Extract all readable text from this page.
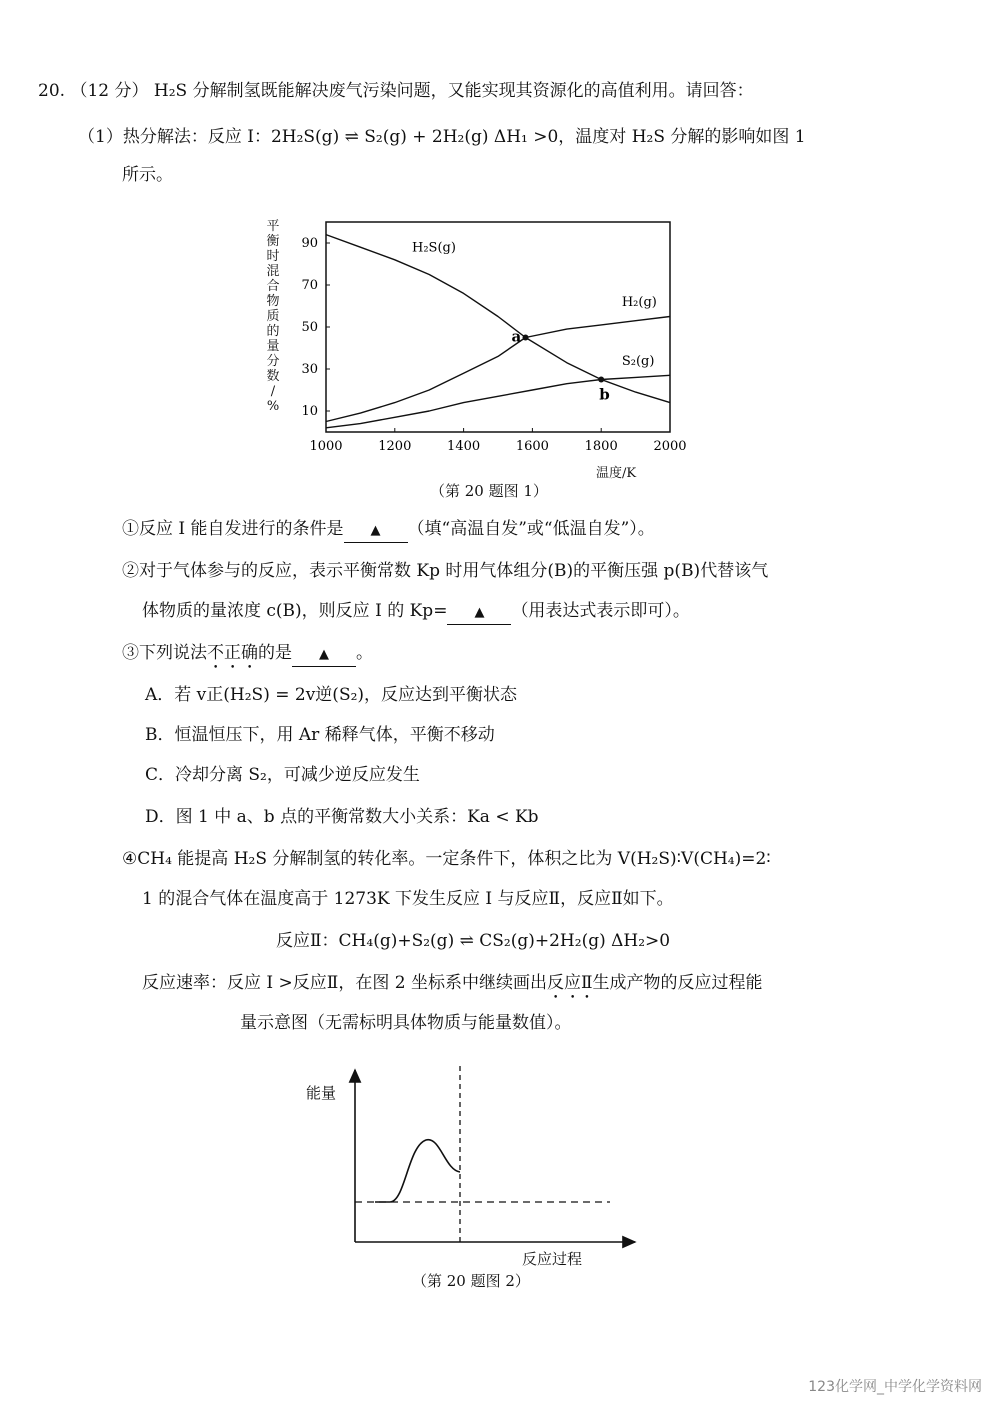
20. （12 分） H₂S 分解制氢既能解决废气污染问题，又能实现其资源化的高值利用。请回答：
（1）热分解法：反应 I：2H₂S(g) ⇌ S₂(g) + 2H₂(g) ΔH₁ >0，温度对 H₂S 分解的影响如图 1
所示。
平
衡
时
混
合
物
质
的
量
分
数
/
%
1000	1200	1400	1600	1800	2000
10
30
50
70
90	H₂S(g)
H₂(g)
S₂(g)
a
b
温度/K
（第 20 题图 1）
①反应 I 能自发进行的条件是 ▲ （填“高温自发”或“低温自发”）。
②对于气体参与的反应，表示平衡常数 Kp 时用气体组分(B)的平衡压强 p(B)代替该气
体物质的量浓度 c(B)，则反应 I 的 Kp= ▲ （用表达式表示即可）。
③下列说法不正确的是 ▲ 。
A．若 v正(H₂S) = 2v逆(S₂)，反应达到平衡状态
B．恒温恒压下，用 Ar 稀释气体，平衡不移动
C．冷却分离 S₂，可减少逆反应发生
D．图 1 中 a、b 点的平衡常数大小关系：Ka < Kb
④CH₄ 能提高 H₂S 分解制氢的转化率。一定条件下，体积之比为 V(H₂S)∶V(CH₄)=2∶
1 的混合气体在温度高于 1273K 下发生反应 I 与反应Ⅱ，反应Ⅱ如下。
反应Ⅱ：CH₄(g)+S₂(g) ⇌ CS₂(g)+2H₂(g) ΔH₂>0
反应速率：反应 I >反应Ⅱ，在图 2 坐标系中继续画出反应Ⅱ生成产物的反应过程能
量示意图（无需标明具体物质与能量数值）。
能量
反应过程
（第 20 题图 2）
123化学网_中学化学资料网
